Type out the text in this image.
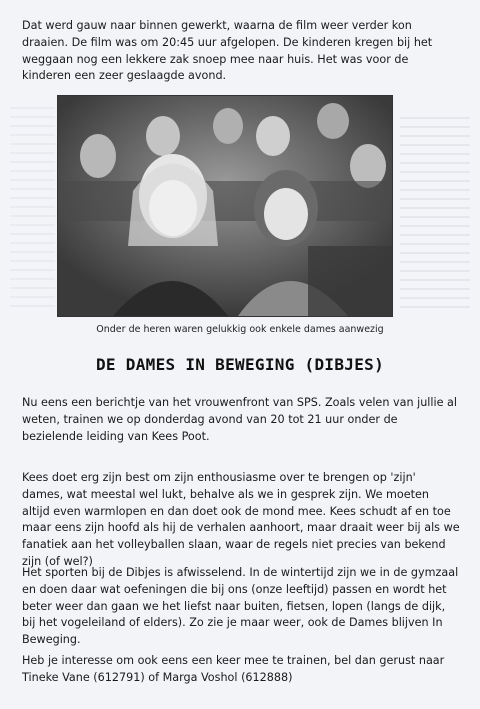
Dat werd gauw naar binnen gewerkt, waarna de film weer verder kon draaien. De film was om 20:45 uur afgelopen. De kinderen kregen bij het weggaan nog een lekkere zak snoep mee naar huis. Het was voor de kinderen een zeer geslaagde avond.

Onder de heren waren gelukkig ook enkele dames aanwezig
DE DAMES IN BEWEGING (DIBJES)

Nu eens een berichtje van het vrouwenfront van SPS. Zoals velen van jullie al weten, trainen we op donderdag avond van 20 tot 21 uur onder de bezielende leiding van Kees Poot.

Kees doet erg zijn best om zijn enthousiasme over te brengen op 'zijn' dames, wat meestal wel lukt, behalve als we in gesprek zijn. We moeten altijd even warmlopen en dan doet ook de mond mee. Kees schudt af en toe maar eens zijn hoofd als hij de verhalen aanhoort, maar draait weer bij als we fanatiek aan het volleyballen slaan, waar de regels niet precies van bekend zijn (of wel?)

Het sporten bij de Dibjes is afwisselend. In de wintertijd zijn we in de gymzaal en doen daar wat oefeningen die bij ons (onze leeftijd) passen en wordt het beter weer dan gaan we het liefst naar buiten, fietsen, lopen (langs de dijk, bij het vogeleiland of elders). Zo zie je maar weer, ook de Dames blijven In Beweging.

Heb je interesse om ook eens een keer mee te trainen, bel dan gerust naar Tineke Vane (612791) of Marga Voshol (612888)
